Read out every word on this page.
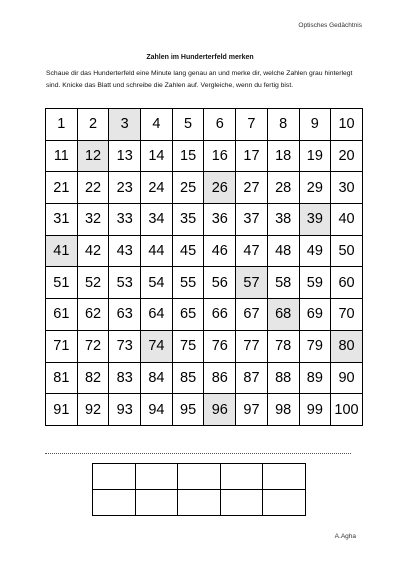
Optisches Gedächtnis
Zahlen im Hunderterfeld merken
Schaue dir das Hunderterfeld eine Minute lang genau an und merke dir, welche Zahlen grau hinterlegt sind. Knicke das Blatt und schreibe die Zahlen auf. Vergleiche, wenn du fertig bist.
1	2	3	4	5	6	7	8	9	10
11	12	13	14	15	16	17	18	19	20
21	22	23	24	25	26	27	28	29	30
31	32	33	34	35	36	37	38	39	40
41	42	43	44	45	46	47	48	49	50
51	52	53	54	55	56	57	58	59	60
61	62	63	64	65	66	67	68	69	70
71	72	73	74	75	76	77	78	79	80
81	82	83	84	85	86	87	88	89	90
91	92	93	94	95	96	97	98	99	100

A.Agha
